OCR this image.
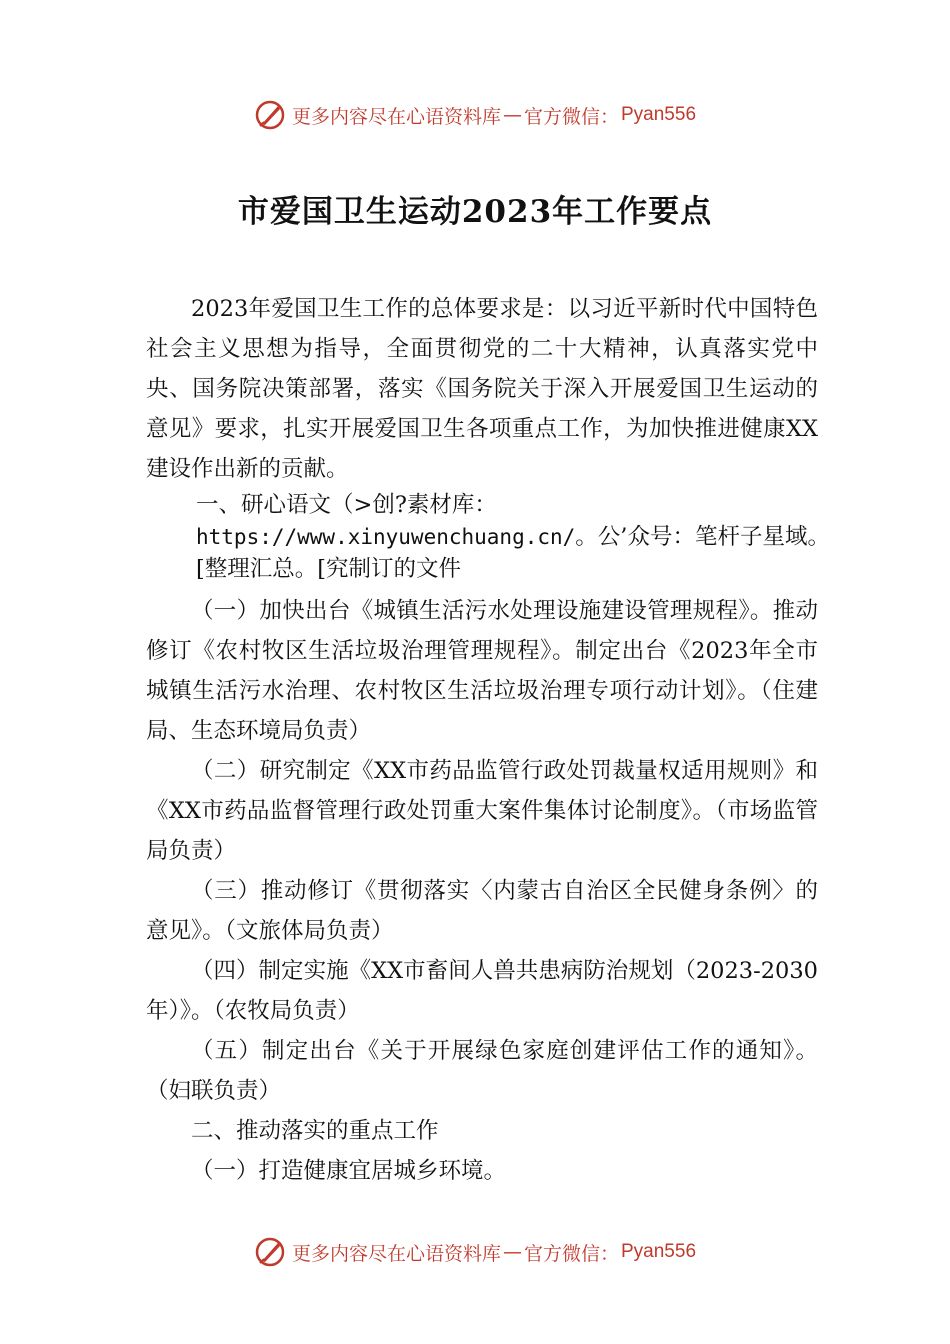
更多内容尽在心语资料库 — 官方微信： Pyan556
市爱国卫生运动2023年工作要点

2023年爱国卫生工作的总体要求是：以习近平新时代中国特色社会主义思想为指导，全面贯彻党的二十大精神，认真落实党中央、国务院决策部署，落实《国务院关于深入开展爱国卫生运动的意见》要求，扎实开展爱国卫生各项重点工作，为加快推进健康XX建设作出新的贡献。

一、研心语文（>创?素材库：https://www.xinyuwenchuang.cn/。公’众号：笔杆子星域。[整理汇总。[究制订的文件

（一）加快出台《城镇生活污水处理设施建设管理规程》。推动修订《农村牧区生活垃圾治理管理规程》。制定出台《2023年全市城镇生活污水治理、农村牧区生活垃圾治理专项行动计划》。（住建局、生态环境局负责）

（二）研究制定《XX市药品监管行政处罚裁量权适用规则》和《XX市药品监督管理行政处罚重大案件集体讨论制度》。（市场监管局负责）

（三）推动修订《贯彻落实〈内蒙古自治区全民健身条例〉的意见》。（文旅体局负责）

（四）制定实施《XX市畜间人兽共患病防治规划（2023-2030年）》。（农牧局负责）

（五）制定出台《关于开展绿色家庭创建评估工作的通知》。（妇联负责）

二、推动落实的重点工作

（一）打造健康宜居城乡环境。

更多内容尽在心语资料库 — 官方微信： Pyan556
